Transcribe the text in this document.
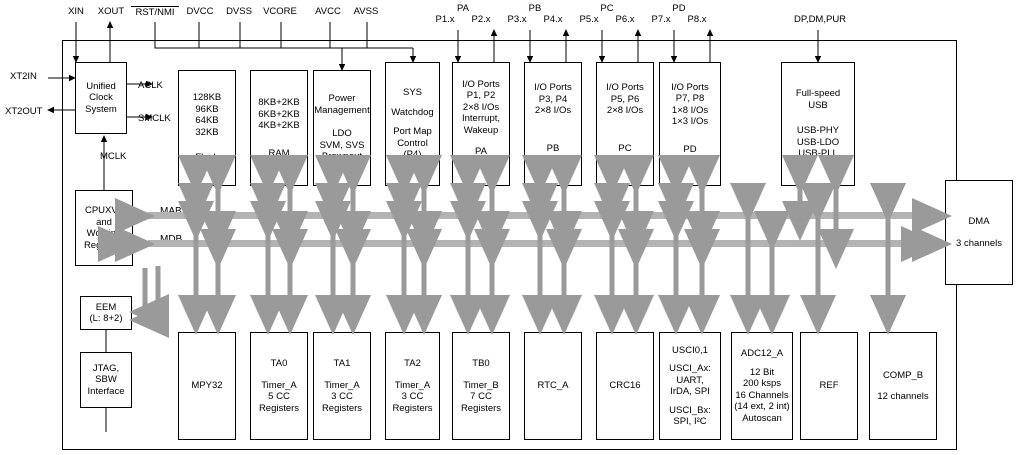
XIN	XOUT	RST/NMI	DVCC	DVSS	VCORE	AVCC	AVSS
P1.x	P2.x	P3.x	P4.x	P5.x	P6.x	P7.x	P8.x
PA	PB	PC	PD
DP,DM,PUR
XT2IN
XT2OUT
ACLK
SMCLK
MCLK
Unified
Clock
System
128KB
96KB
64KB
32KB
Flash
8KB+2KB
6KB+2KB
4KB+2KB
RAM
Power
Management
LDO
SVM, SVS
Brownout
SYS
Watchdog
Port Map
Control
(P4)
I/O Ports
P1, P2
2×8 I/Os
Interrupt,
Wakeup
PA
1×16 I/Os
I/O Ports
P3, P4
2×8 I/Os
PB
1×16 I/Os
I/O Ports
P5, P6
2×8 I/Os
PC
1×16 I/Os
I/O Ports
P7, P8
1×8 I/Os
1×3 I/Os
PD
1×11 I/Os
Full-speed
USB
USB-PHY
USB-LDO
USB-PLL
CPUXV2
and
Working
Registers
EEM
(L: 8+2)
JTAG,
SBW
Interface
DMA
3 channels
MPY32
TA0
Timer_A
5 CC
Registers
TA1
Timer_A
3 CC
Registers
TA2
Timer_A
3 CC
Registers
TB0
Timer_B
7 CC
Registers
RTC_A	CRC16
USCI0,1
USCI_Ax:
UART,
IrDA, SPI
USCI_Bx:
SPI, I²C
ADC12_A
12 Bit
200 ksps
16 Channels
(14 ext, 2 int)
Autoscan
REF
COMP_B
12 channels
